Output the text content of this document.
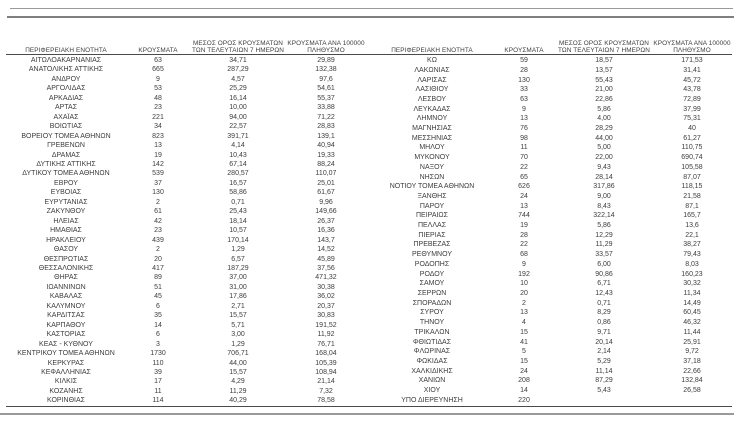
ΠΕΡΙΦΕΡΕΙΑΚΗ ΕΝΟΤΗΤΑ	ΚΡΟΥΣΜΑΤΑ	ΜΕΣΟΣ ΟΡΟΣ ΚΡΟΥΣΜΑΤΩΝ
ΤΩΝ ΤΕΛΕΥΤΑΙΩΝ 7 ΗΜΕΡΩΝ	ΚΡΟΥΣΜΑΤΑ ΑΝΑ 100000
ΠΛΗΘΥΣΜΟ

ΑΙΤΩΛΟΑΚΑΡΝΑΝΙΑΣ	63	34,71	29,89
ΑΝΑΤΟΛΙΚΗΣ ΑΤΤΙΚΗΣ	665	287,29	132,38
ΑΝΔΡΟΥ	9	4,57	97,6
ΑΡΓΟΛΙΔΑΣ	53	25,29	54,61
ΑΡΚΑΔΙΑΣ	48	16,14	55,37
ΑΡΤΑΣ	23	10,00	33,88
ΑΧΑΪΑΣ	221	94,00	71,22
ΒΟΙΩΤΙΑΣ	34	22,57	28,83
ΒΟΡΕΙΟΥ ΤΟΜΕΑ ΑΘΗΝΩΝ	823	391,71	139,1
ΓΡΕΒΕΝΩΝ	13	4,14	40,94
ΔΡΑΜΑΣ	19	10,43	19,33
ΔΥΤΙΚΗΣ ΑΤΤΙΚΗΣ	142	67,14	88,24
ΔΥΤΙΚΟΥ ΤΟΜΕΑ ΑΘΗΝΩΝ	539	280,57	110,07
ΕΒΡΟΥ	37	16,57	25,01
ΕΥΒΟΙΑΣ	130	58,86	61,67
ΕΥΡΥΤΑΝΙΑΣ	2	0,71	9,96
ΖΑΚΥΝΘΟΥ	61	25,43	149,66
ΗΛΕΙΑΣ	42	18,14	26,37
ΗΜΑΘΙΑΣ	23	10,57	16,36
ΗΡΑΚΛΕΙΟΥ	439	170,14	143,7
ΘΑΣΟΥ	2	1,29	14,52
ΘΕΣΠΡΩΤΙΑΣ	20	6,57	45,89
ΘΕΣΣΑΛΟΝΙΚΗΣ	417	187,29	37,56
ΘΗΡΑΣ	89	37,00	471,32
ΙΩΑΝΝΙΝΩΝ	51	31,00	30,38
ΚΑΒΑΛΑΣ	45	17,86	36,02
ΚΑΛΥΜΝΟΥ	6	2,71	20,37
ΚΑΡΔΙΤΣΑΣ	35	15,57	30,83
ΚΑΡΠΑΘΟΥ	14	5,71	191,52
ΚΑΣΤΟΡΙΑΣ	6	3,00	11,92
ΚΕΑΣ - ΚΥΘΝΟΥ	3	1,29	76,71
ΚΕΝΤΡΙΚΟΥ ΤΟΜΕΑ ΑΘΗΝΩΝ	1730	706,71	168,04
ΚΕΡΚΥΡΑΣ	110	44,00	105,39
ΚΕΦΑΛΛΗΝΙΑΣ	39	15,57	108,94
ΚΙΛΚΙΣ	17	4,29	21,14
ΚΟΖΑΝΗΣ	11	11,29	7,32
ΚΟΡΙΝΘΙΑΣ	114	40,29	78,58
ΠΕΡΙΦΕΡΕΙΑΚΗ ΕΝΟΤΗΤΑ	ΚΡΟΥΣΜΑΤΑ	ΜΕΣΟΣ ΟΡΟΣ ΚΡΟΥΣΜΑΤΩΝ
ΤΩΝ ΤΕΛΕΥΤΑΙΩΝ 7 ΗΜΕΡΩΝ	ΚΡΟΥΣΜΑΤΑ ΑΝΑ 100000
ΠΛΗΘΥΣΜΟ

ΚΩ	59	18,57	171,53
ΛΑΚΩΝΙΑΣ	28	13,57	31,41
ΛΑΡΙΣΑΣ	130	55,43	45,72
ΛΑΣΙΘΙΟΥ	33	21,00	43,78
ΛΕΣΒΟΥ	63	22,86	72,89
ΛΕΥΚΑΔΑΣ	9	5,86	37,99
ΛΗΜΝΟΥ	13	4,00	75,31
ΜΑΓΝΗΣΙΑΣ	76	28,29	40
ΜΕΣΣΗΝΙΑΣ	98	44,00	61,27
ΜΗΛΟΥ	11	5,00	110,75
ΜΥΚΟΝΟΥ	70	22,00	690,74
ΝΑΞΟΥ	22	9,43	105,58
ΝΗΣΩΝ	65	28,14	87,07
ΝΟΤΙΟΥ ΤΟΜΕΑ ΑΘΗΝΩΝ	626	317,86	118,15
ΞΑΝΘΗΣ	24	9,00	21,58
ΠΑΡΟΥ	13	8,43	87,1
ΠΕΙΡΑΙΩΣ	744	322,14	165,7
ΠΕΛΛΑΣ	19	5,86	13,6
ΠΙΕΡΙΑΣ	28	12,29	22,1
ΠΡΕΒΕΖΑΣ	22	11,29	38,27
ΡΕΘΥΜΝΟΥ	68	33,57	79,43
ΡΟΔΟΠΗΣ	9	6,00	8,03
ΡΟΔΟΥ	192	90,86	160,23
ΣΑΜΟΥ	10	6,71	30,32
ΣΕΡΡΩΝ	20	12,43	11,34
ΣΠΟΡΑΔΩΝ	2	0,71	14,49
ΣΥΡΟΥ	13	8,29	60,45
ΤΗΝΟΥ	4	0,86	46,32
ΤΡΙΚΑΛΩΝ	15	9,71	11,44
ΦΘΙΩΤΙΔΑΣ	41	20,14	25,91
ΦΛΩΡΙΝΑΣ	5	2,14	9,72
ΦΩΚΙΔΑΣ	15	5,29	37,18
ΧΑΛΚΙΔΙΚΗΣ	24	11,14	22,66
ΧΑΝΙΩΝ	208	87,29	132,84
ΧΙΟΥ	14	5,43	26,58
ΥΠΟ ΔΙΕΡΕΥΝΗΣΗ	220		
